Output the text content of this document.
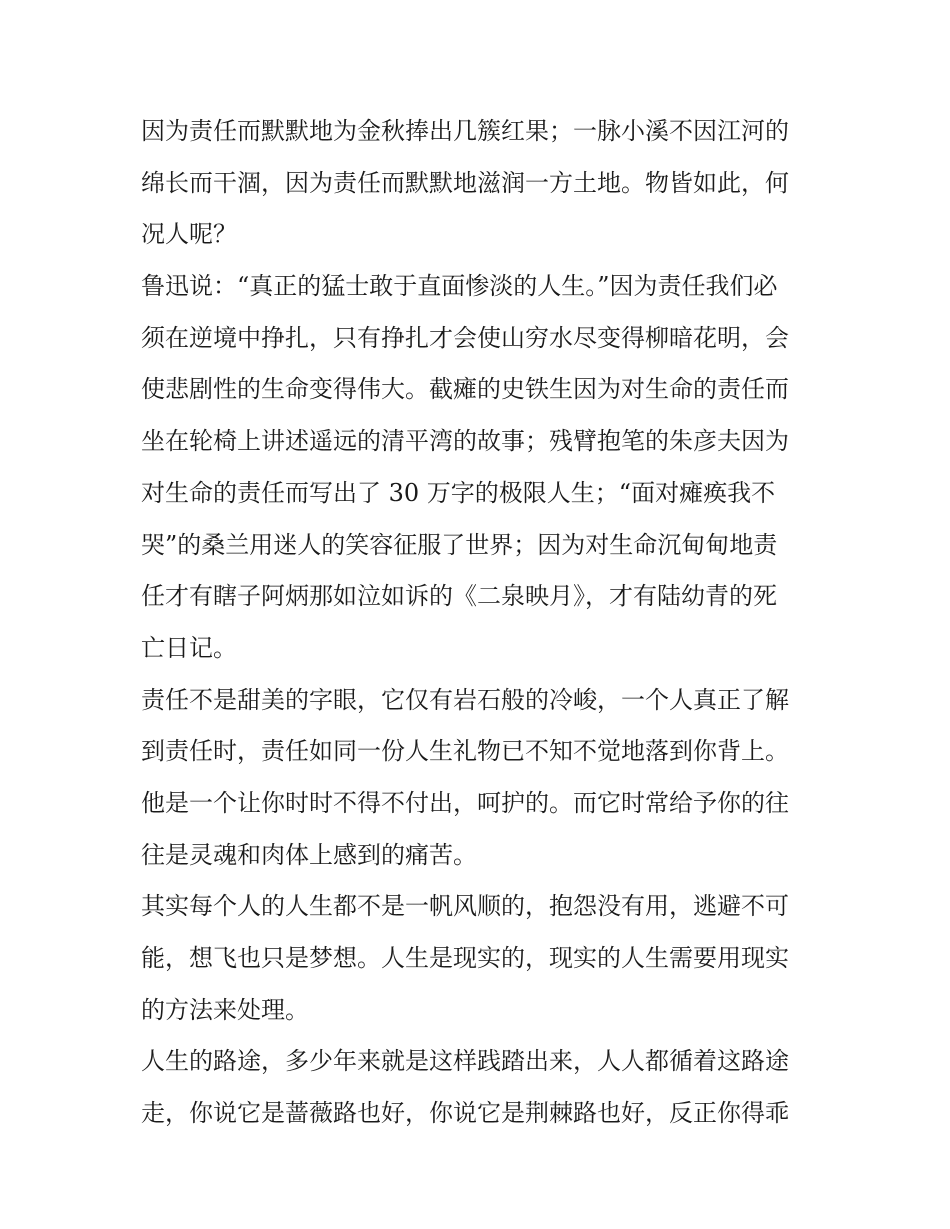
因为责任而默默地为金秋捧出几簇红果；一脉小溪不因江河的
绵长而干涸，因为责任而默默地滋润一方土地。物皆如此，何
况人呢？
鲁迅说：“真正的猛士敢于直面惨淡的人生。”因为责任我们必
须在逆境中挣扎，只有挣扎才会使山穷水尽变得柳暗花明，会
使悲剧性的生命变得伟大。截瘫的史铁生因为对生命的责任而
坐在轮椅上讲述遥远的清平湾的故事；残臂抱笔的朱彦夫因为
对生命的责任而写出了 30 万字的极限人生；“面对瘫痪我不
哭”的桑兰用迷人的笑容征服了世界；因为对生命沉甸甸地责
任才有瞎子阿炳那如泣如诉的《二泉映月》，才有陆幼青的死
亡日记。
责任不是甜美的字眼，它仅有岩石般的冷峻，一个人真正了解
到责任时，责任如同一份人生礼物已不知不觉地落到你背上。
他是一个让你时时不得不付出，呵护的。而它时常给予你的往
往是灵魂和肉体上感到的痛苦。
其实每个人的人生都不是一帆风顺的，抱怨没有用，逃避不可
能，想飞也只是梦想。人生是现实的，现实的人生需要用现实
的方法来处理。
人生的路途，多少年来就是这样践踏出来，人人都循着这路途
走，你说它是蔷薇路也好，你说它是荆棘路也好，反正你得乖
